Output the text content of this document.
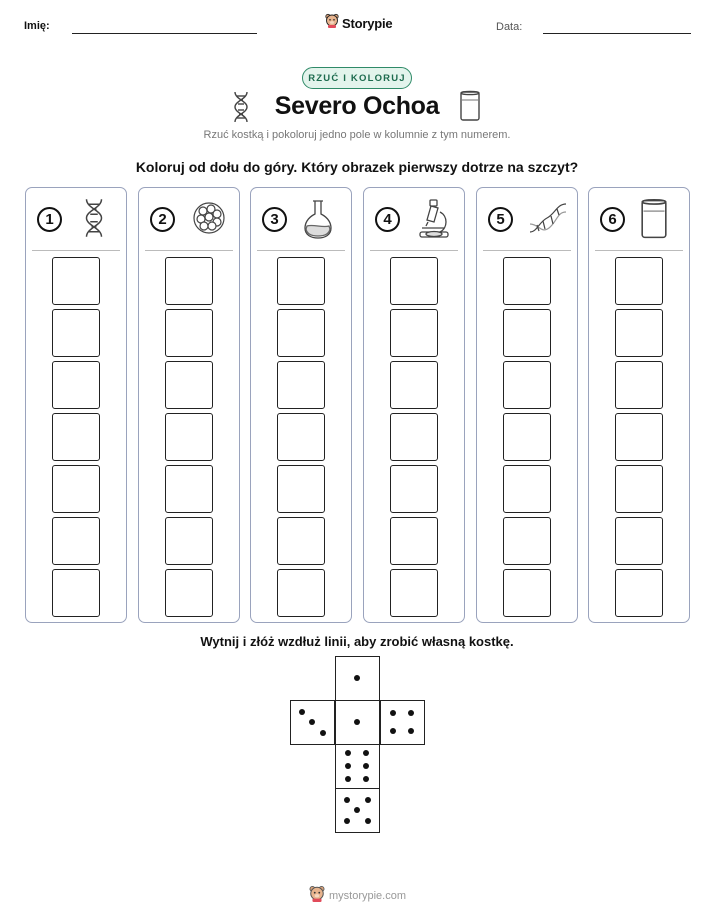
Imię:	Storypie	Data:
RZUĆ I KOLORUJ
Severo Ochoa
Rzuć kostką i pokoloruj jedno pole w kolumnie z tym numerem.
Koloruj od dołu do góry. Który obrazek pierwszy dotrze na szczyt?
1	2	3	4	5	6
Wytnij i złóż wzdłuż linii, aby zrobić własną kostkę.
mystorypie.com
